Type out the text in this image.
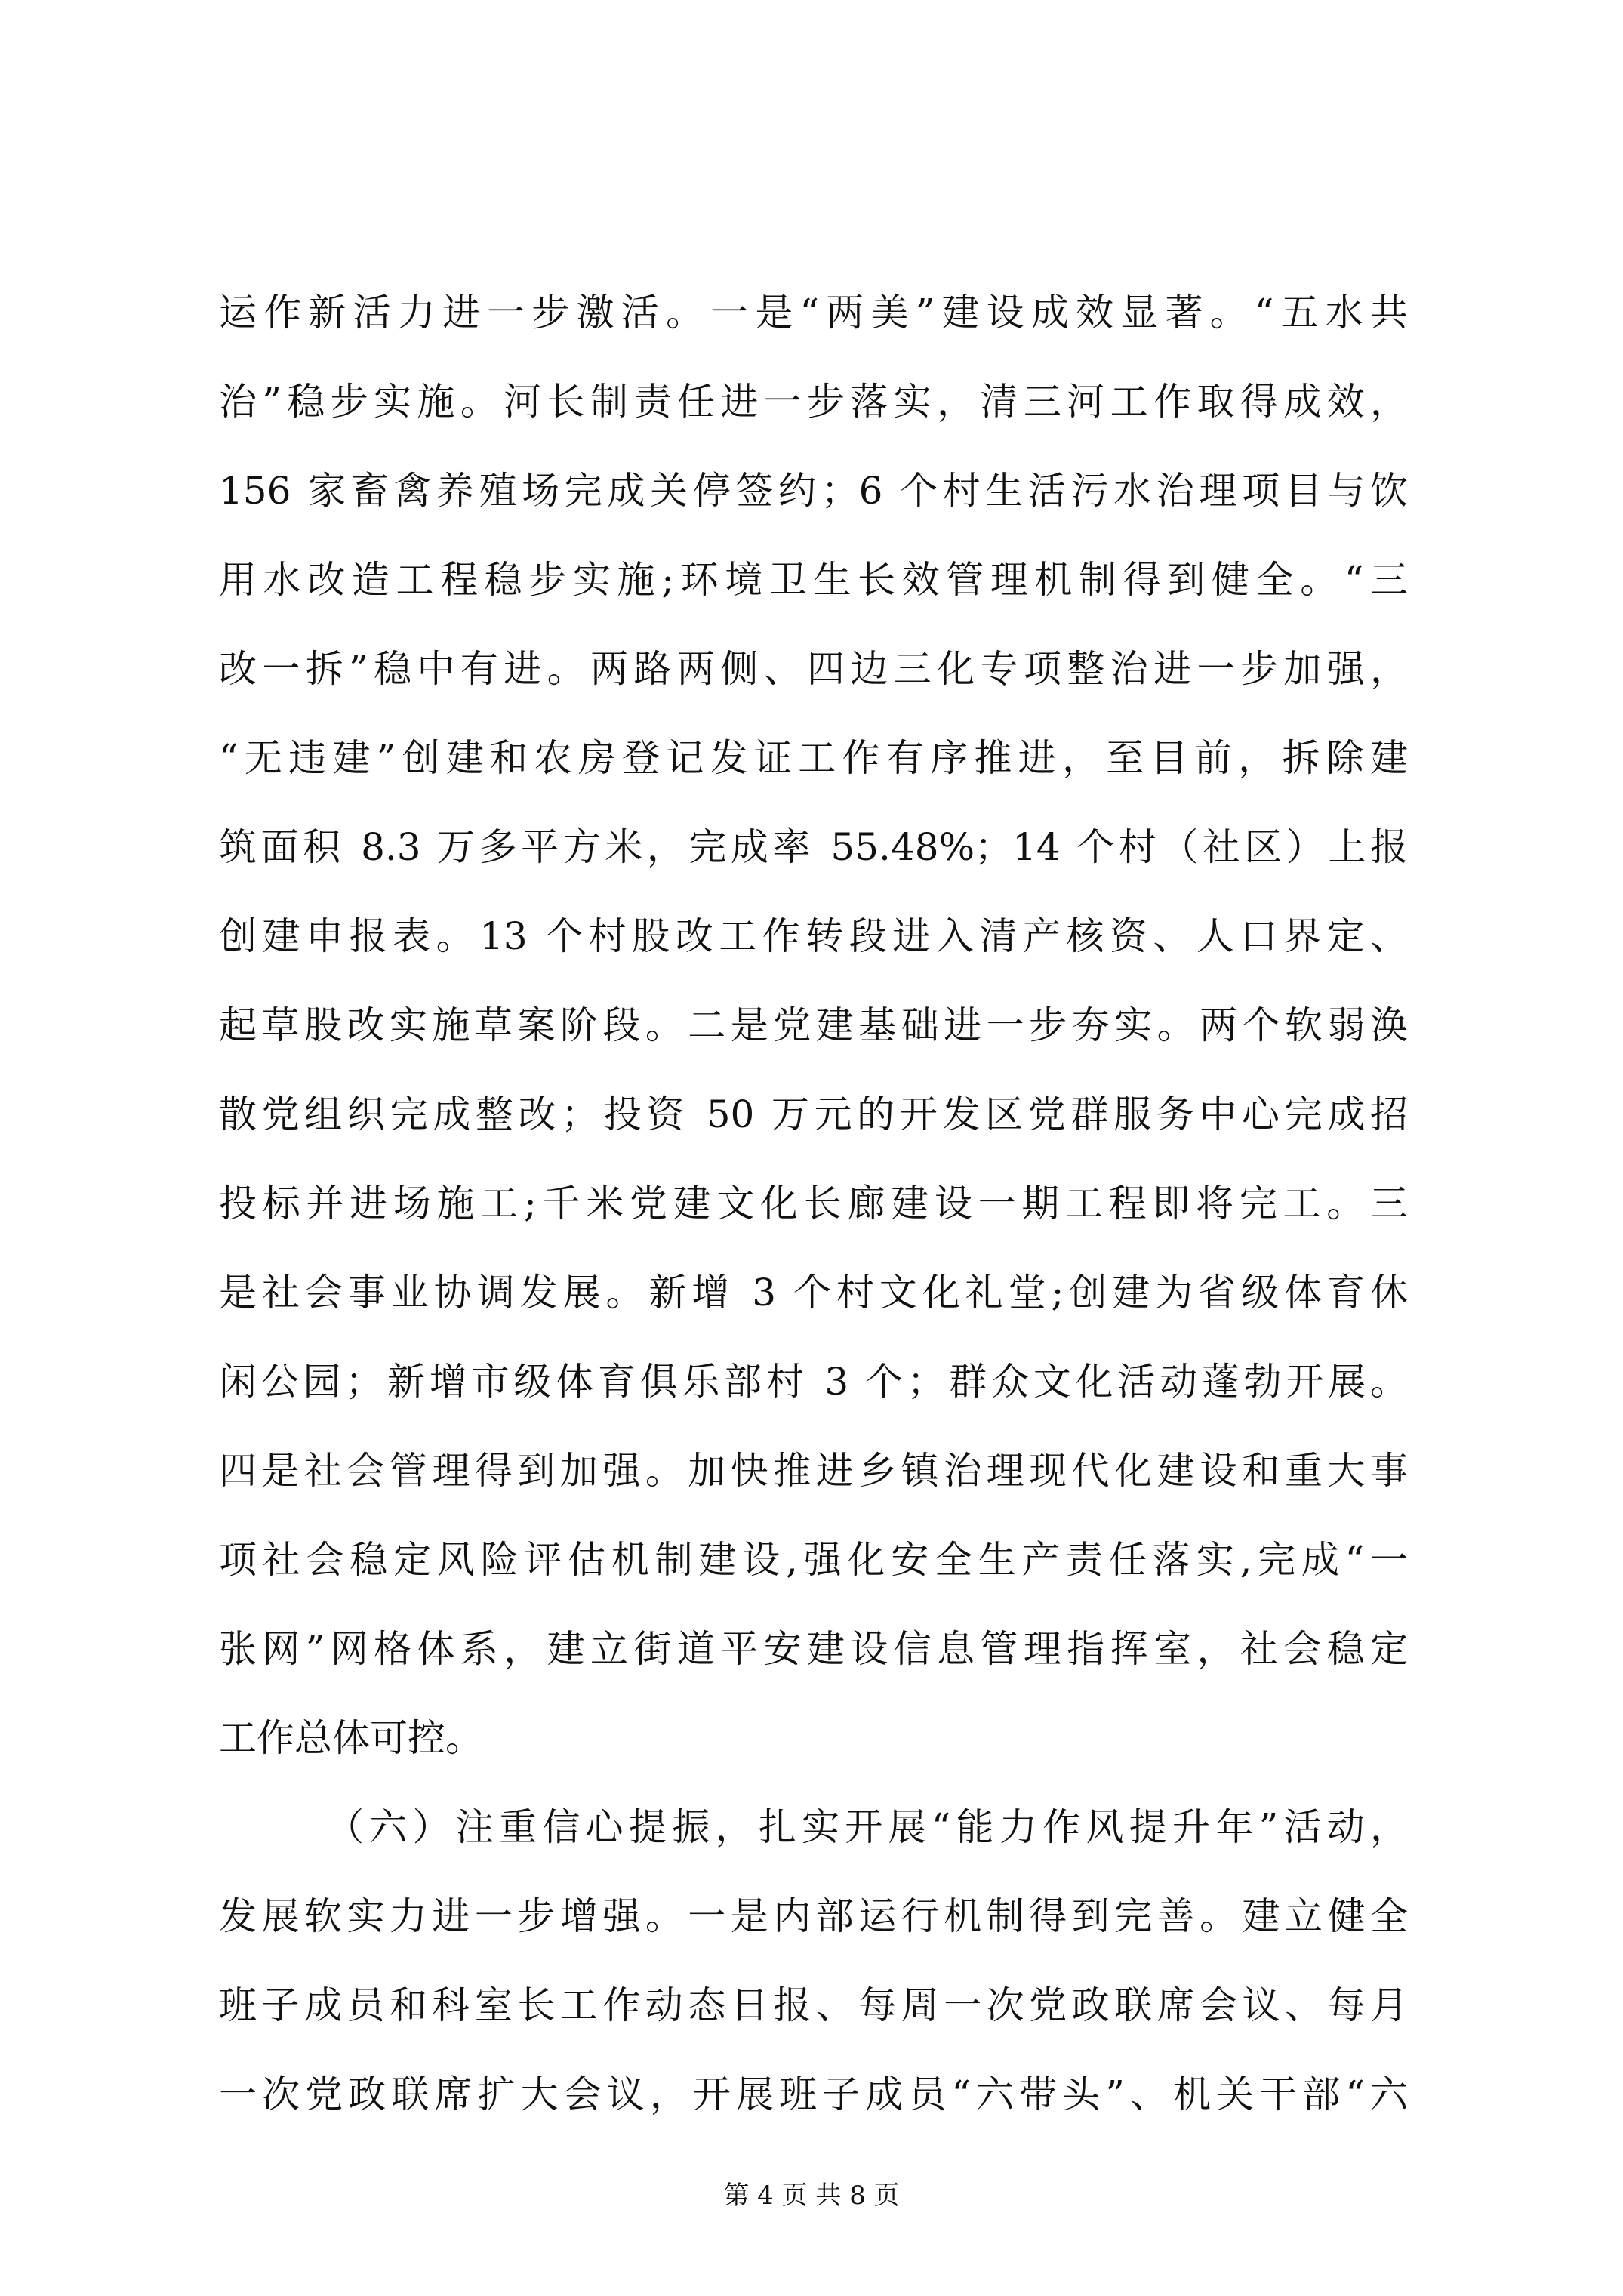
运作新活力进一步激活。一是“两美”建设成效显著。“五水共
治”稳步实施。河长制责任进一步落实，清三河工作取得成效，
156 家畜禽养殖场完成关停签约；6 个村生活污水治理项目与饮
用水改造工程稳步实施;环境卫生长效管理机制得到健全。“三
改一拆”稳中有进。两路两侧、四边三化专项整治进一步加强，
“无违建”创建和农房登记发证工作有序推进，至目前，拆除建
筑面积 8.3 万多平方米，完成率 55.48%；14 个村（社区）上报
创建申报表。13 个村股改工作转段进入清产核资、人口界定、
起草股改实施草案阶段。二是党建基础进一步夯实。两个软弱涣
散党组织完成整改；投资 50 万元的开发区党群服务中心完成招
投标并进场施工;千米党建文化长廊建设一期工程即将完工。三
是社会事业协调发展。新增 3 个村文化礼堂;创建为省级体育休
闲公园；新增市级体育俱乐部村 3 个；群众文化活动蓬勃开展。
四是社会管理得到加强。加快推进乡镇治理现代化建设和重大事
项社会稳定风险评估机制建设,强化安全生产责任落实,完成“一
张网”网格体系，建立街道平安建设信息管理指挥室，社会稳定
工作总体可控。
（六）注重信心提振，扎实开展“能力作风提升年”活动，
发展软实力进一步增强。一是内部运行机制得到完善。建立健全
班子成员和科室长工作动态日报、每周一次党政联席会议、每月
一次党政联席扩大会议，开展班子成员“六带头”、机关干部“六
第 4 页 共 8 页
